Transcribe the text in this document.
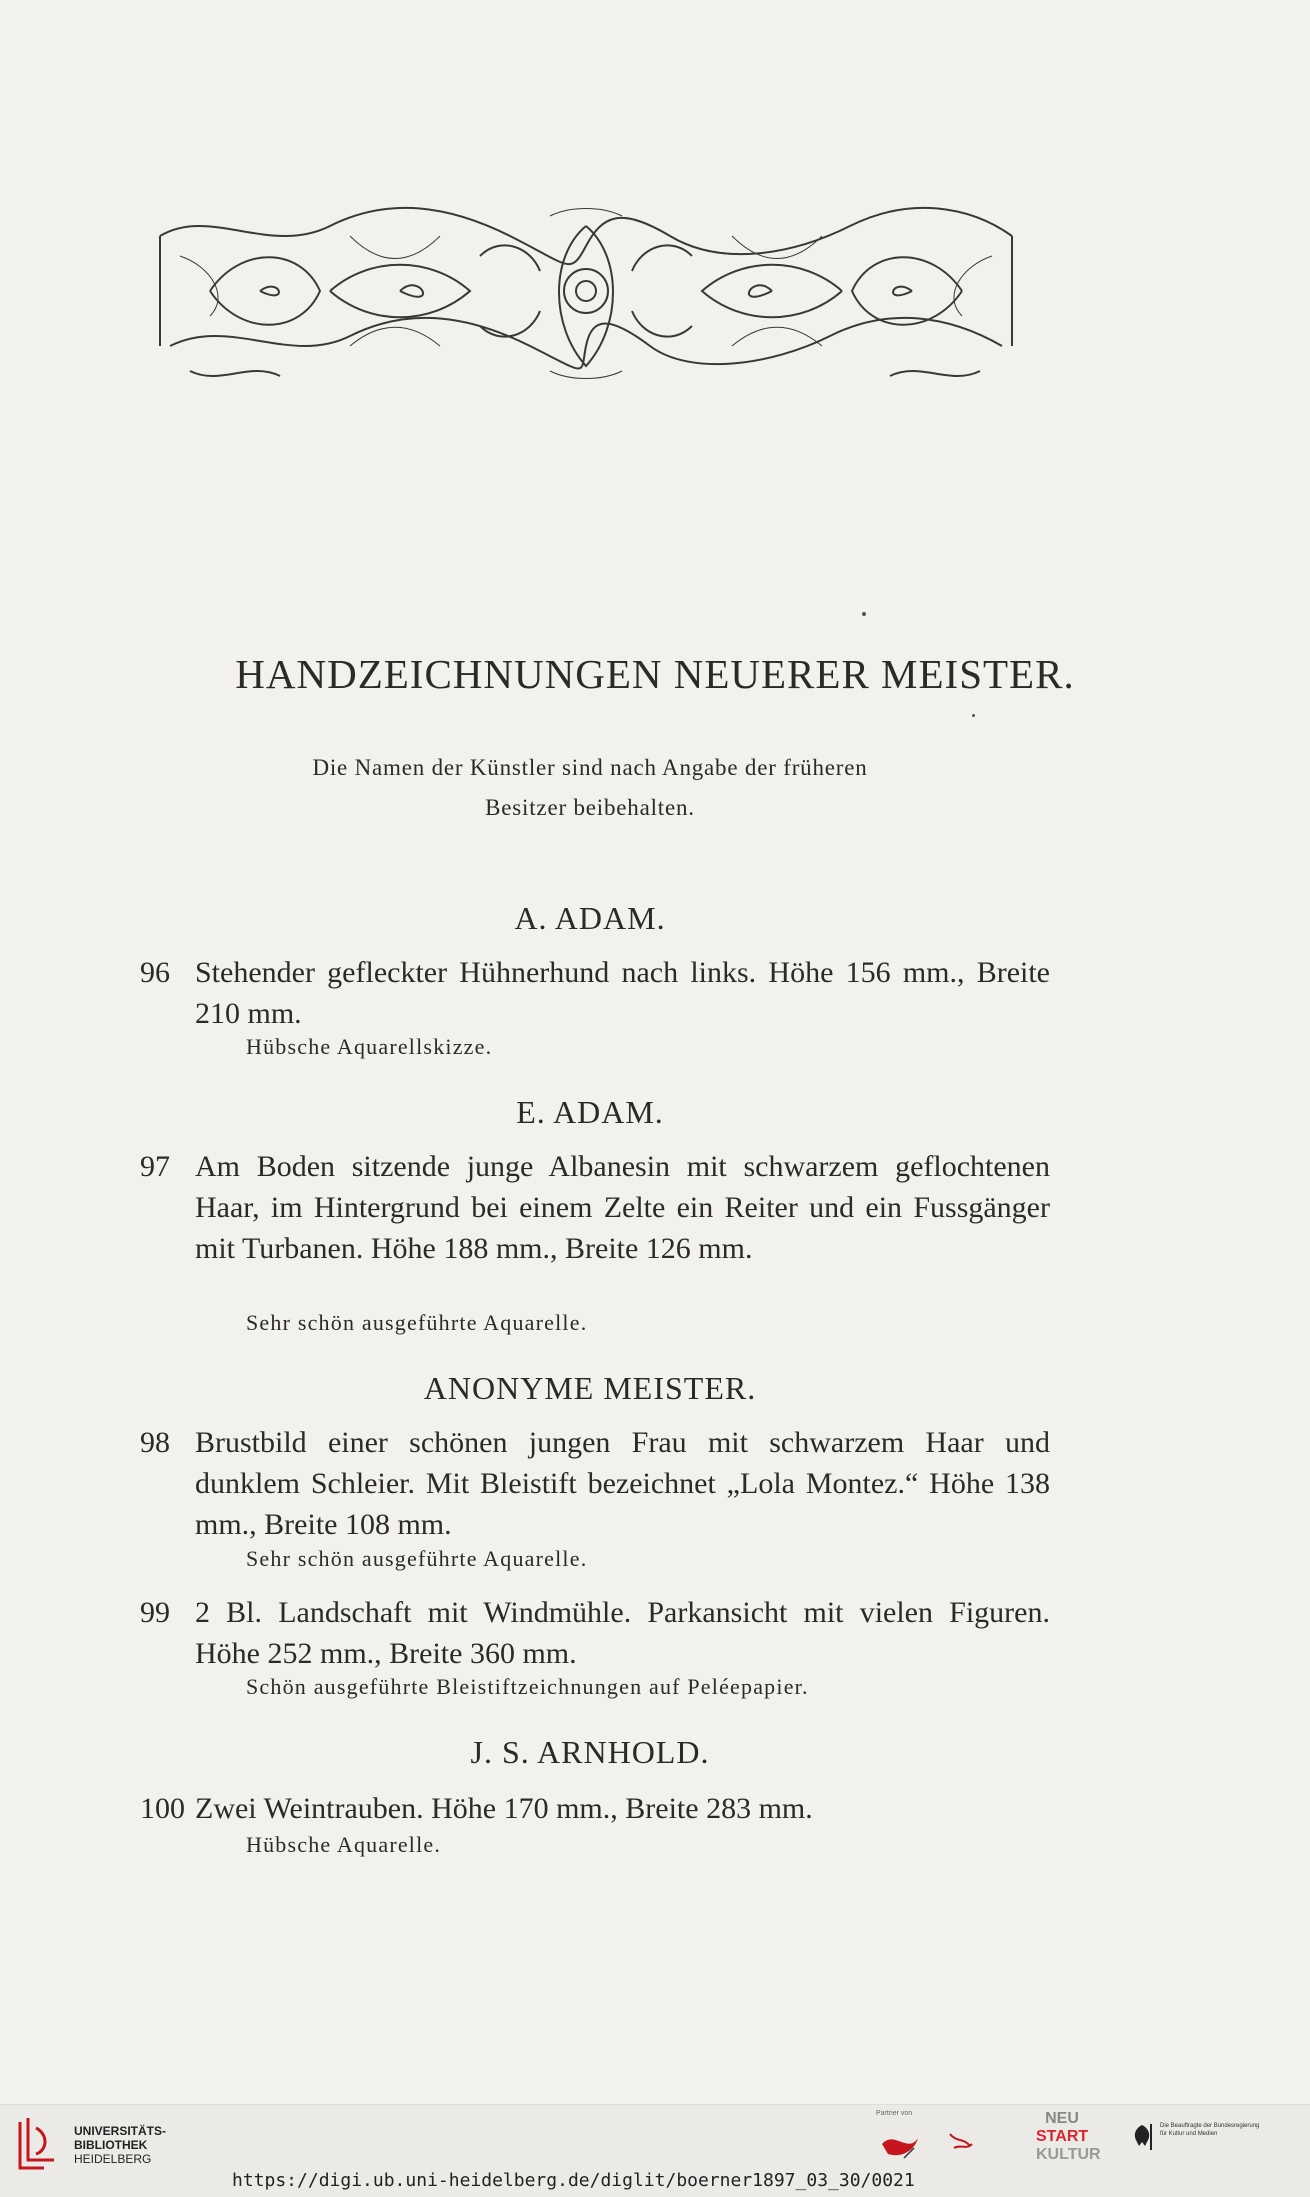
HANDZEICHNUNGEN NEUERER MEISTER.
Die Namen der Künstler sind nach Angabe der früheren
Besitzer beibehalten.
A. ADAM.
96 Stehender gefleckter Hühnerhund nach links. Höhe 156 mm., Breite 210 mm.
Hübsche Aquarellskizze.
E. ADAM.
97 Am Boden sitzende junge Albanesin mit schwarzem geflochtenen Haar, im Hintergrund bei einem Zelte ein Reiter und ein Fussgänger mit Turbanen. Höhe 188 mm., Breite 126 mm.
Sehr schön ausgeführte Aquarelle.
ANONYME MEISTER.
98 Brustbild einer schönen jungen Frau mit schwarzem Haar und dunklem Schleier. Mit Bleistift bezeichnet „Lola Montez.“ Höhe 138 mm., Breite 108 mm.
Sehr schön ausgeführte Aquarelle.
99 2 Bl. Landschaft mit Windmühle. Parkansicht mit vielen Figuren. Höhe 252 mm., Breite 360 mm.
Schön ausgeführte Bleistiftzeichnungen auf Peléepapier.
J. S. ARNHOLD.
100 Zwei Weintrauben. Höhe 170 mm., Breite 283 mm.
Hübsche Aquarelle.
UNIVERSITÄTS-
BIBLIOTHEK
HEIDELBERG
Partner von
https://digi.ub.uni-heidelberg.de/diglit/boerner1897_03_30/0021
NEU
START
KULTUR
Die Beauftragte der Bundesregierung
für Kultur und Medien
